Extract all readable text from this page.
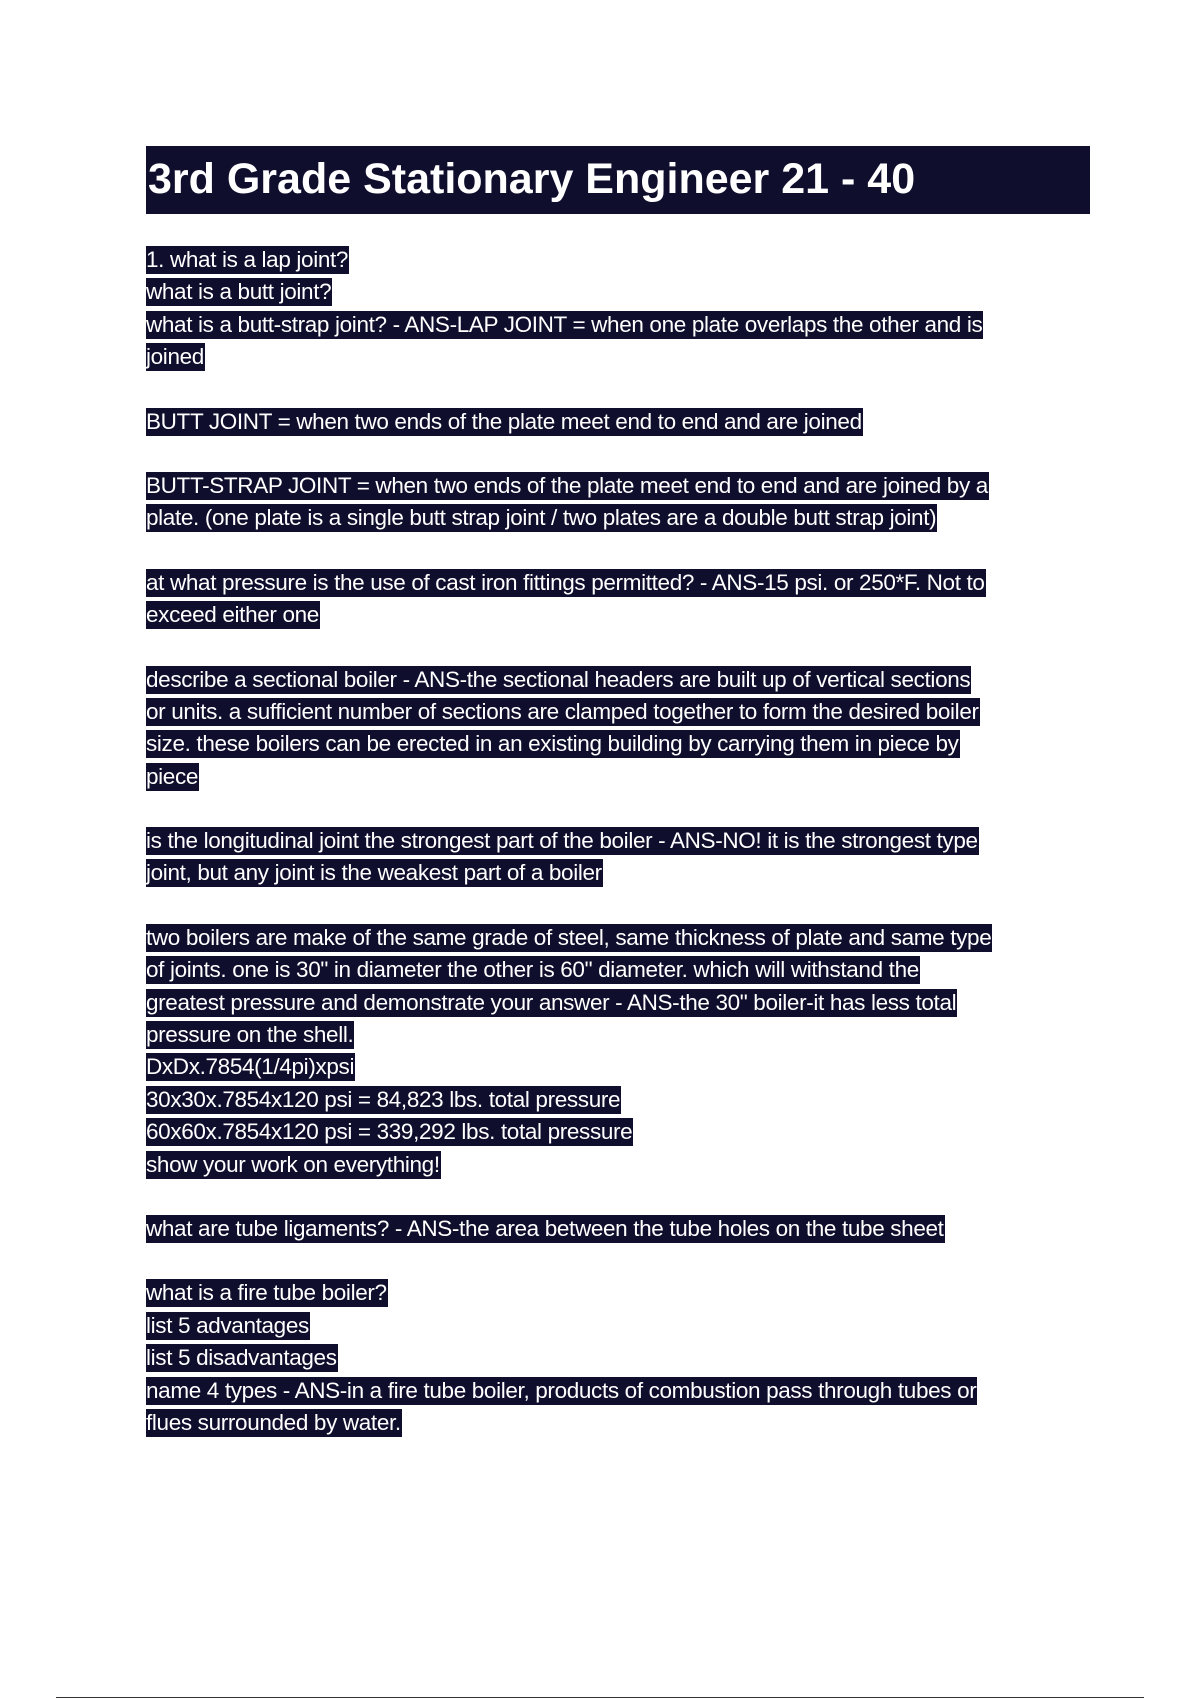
3rd Grade Stationary Engineer 21 - 40
1. what is a lap joint?
what is a butt joint?
what is a butt-strap joint? - ANS-LAP JOINT = when one plate overlaps the other and is
joined
BUTT JOINT = when two ends of the plate meet end to end and are joined
BUTT-STRAP JOINT = when two ends of the plate meet end to end and are joined by a
plate. (one plate is a single butt strap joint / two plates are a double butt strap joint)
at what pressure is the use of cast iron fittings permitted? - ANS-15 psi. or 250*F. Not to
exceed either one
describe a sectional boiler - ANS-the sectional headers are built up of vertical sections
or units. a sufficient number of sections are clamped together to form the desired boiler
size. these boilers can be erected in an existing building by carrying them in piece by
piece
is the longitudinal joint the strongest part of the boiler - ANS-NO! it is the strongest type
joint, but any joint is the weakest part of a boiler
two boilers are make of the same grade of steel, same thickness of plate and same type
of joints. one is 30" in diameter the other is 60" diameter. which will withstand the
greatest pressure and demonstrate your answer - ANS-the 30" boiler-it has less total
pressure on the shell.
DxDx.7854(1/4pi)xpsi
30x30x.7854x120 psi = 84,823 lbs. total pressure
60x60x.7854x120 psi = 339,292 lbs. total pressure
show your work on everything!
what are tube ligaments? - ANS-the area between the tube holes on the tube sheet
what is a fire tube boiler?
list 5 advantages
list 5 disadvantages
name 4 types - ANS-in a fire tube boiler, products of combustion pass through tubes or
flues surrounded by water.
